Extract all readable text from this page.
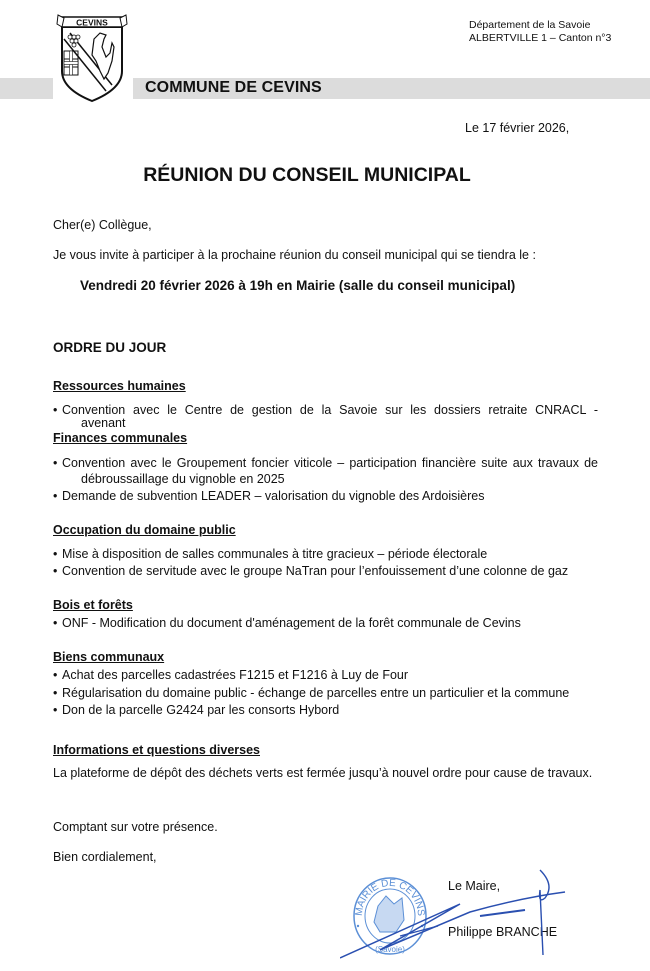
CEVINS
COMMUNE DE CEVINS
Département de la Savoie
ALBERTVILLE 1 – Canton n°3
Le 17 février 2026,
RÉUNION DU CONSEIL MUNICIPAL
Cher(e) Collègue,
Je vous invite à participer à la prochaine réunion du conseil municipal qui se tiendra le :
Vendredi 20 février 2026 à 19h en Mairie (salle du conseil municipal)
ORDRE DU JOUR
Ressources humaines
• Convention avec le Centre de gestion de la Savoie sur les dossiers retraite CNRACL -
avenant
Finances communales
• Convention avec le Groupement foncier viticole – participation financière suite aux travaux de
débroussaillage du vignoble en 2025
• Demande de subvention LEADER – valorisation du vignoble des Ardoisières
Occupation du domaine public
• Mise à disposition de salles communales à titre gracieux – période électorale
• Convention de servitude avec le groupe NaTran pour l’enfouissement d’une colonne de gaz
Bois et forêts
• ONF - Modification du document d'aménagement de la forêt communale de Cevins
Biens communaux
• Achat des parcelles cadastrées F1215 et F1216 à Luy de Four
• Régularisation du domaine public - échange de parcelles entre un particulier et la commune
• Don de la parcelle G2424 par les consorts Hybord
Informations et questions diverses
La plateforme de dépôt des déchets verts est fermée jusqu’à nouvel ordre pour cause de travaux.
Comptant sur votre présence.
Bien cordialement,
MAIRIE DE CEVINS
(Savoie)
Le Maire,
Philippe BRANCHE
